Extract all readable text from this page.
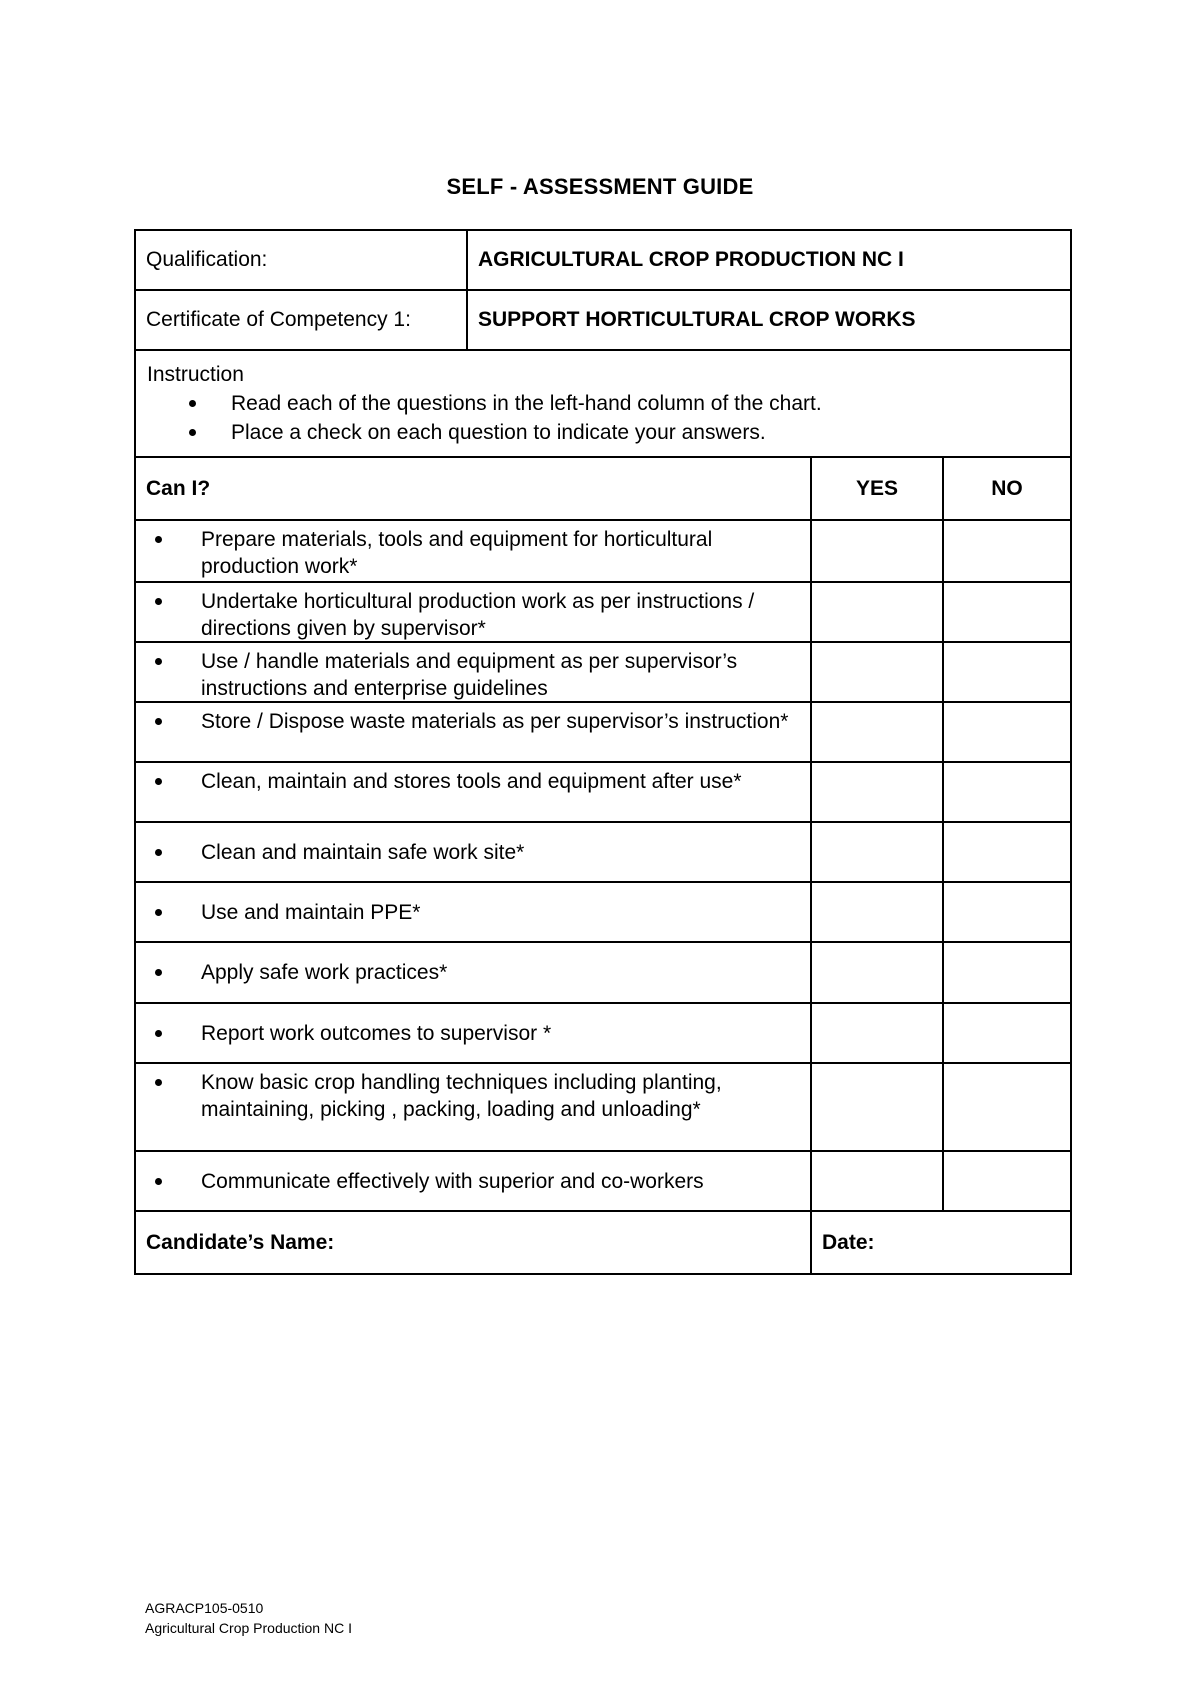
SELF - ASSESSMENT GUIDE
Qualification:	AGRICULTURAL CROP PRODUCTION NC I
Certificate of Competency 1:	SUPPORT HORTICULTURAL CROP WORKS
Instruction
Read each of the questions in the left-hand column of the chart.
Place a check on each question to indicate your answers.
Can I?	YES	NO
Prepare materials, tools and equipment for horticultural production work*
Undertake horticultural production work as per instructions / directions given by supervisor*
Use / handle materials and equipment as per supervisor’s instructions and enterprise guidelines
Store / Dispose waste materials as per supervisor’s instruction*
Clean, maintain and stores tools and equipment after use*
Clean and maintain safe work site*
Use and maintain PPE*
Apply safe work practices*
Report work outcomes to supervisor *
Know basic crop handling techniques including planting, maintaining, picking , packing, loading and unloading*
Communicate effectively with superior and co-workers
Candidate’s Name:	Date:
AGRACP105-0510
Agricultural Crop Production NC I
